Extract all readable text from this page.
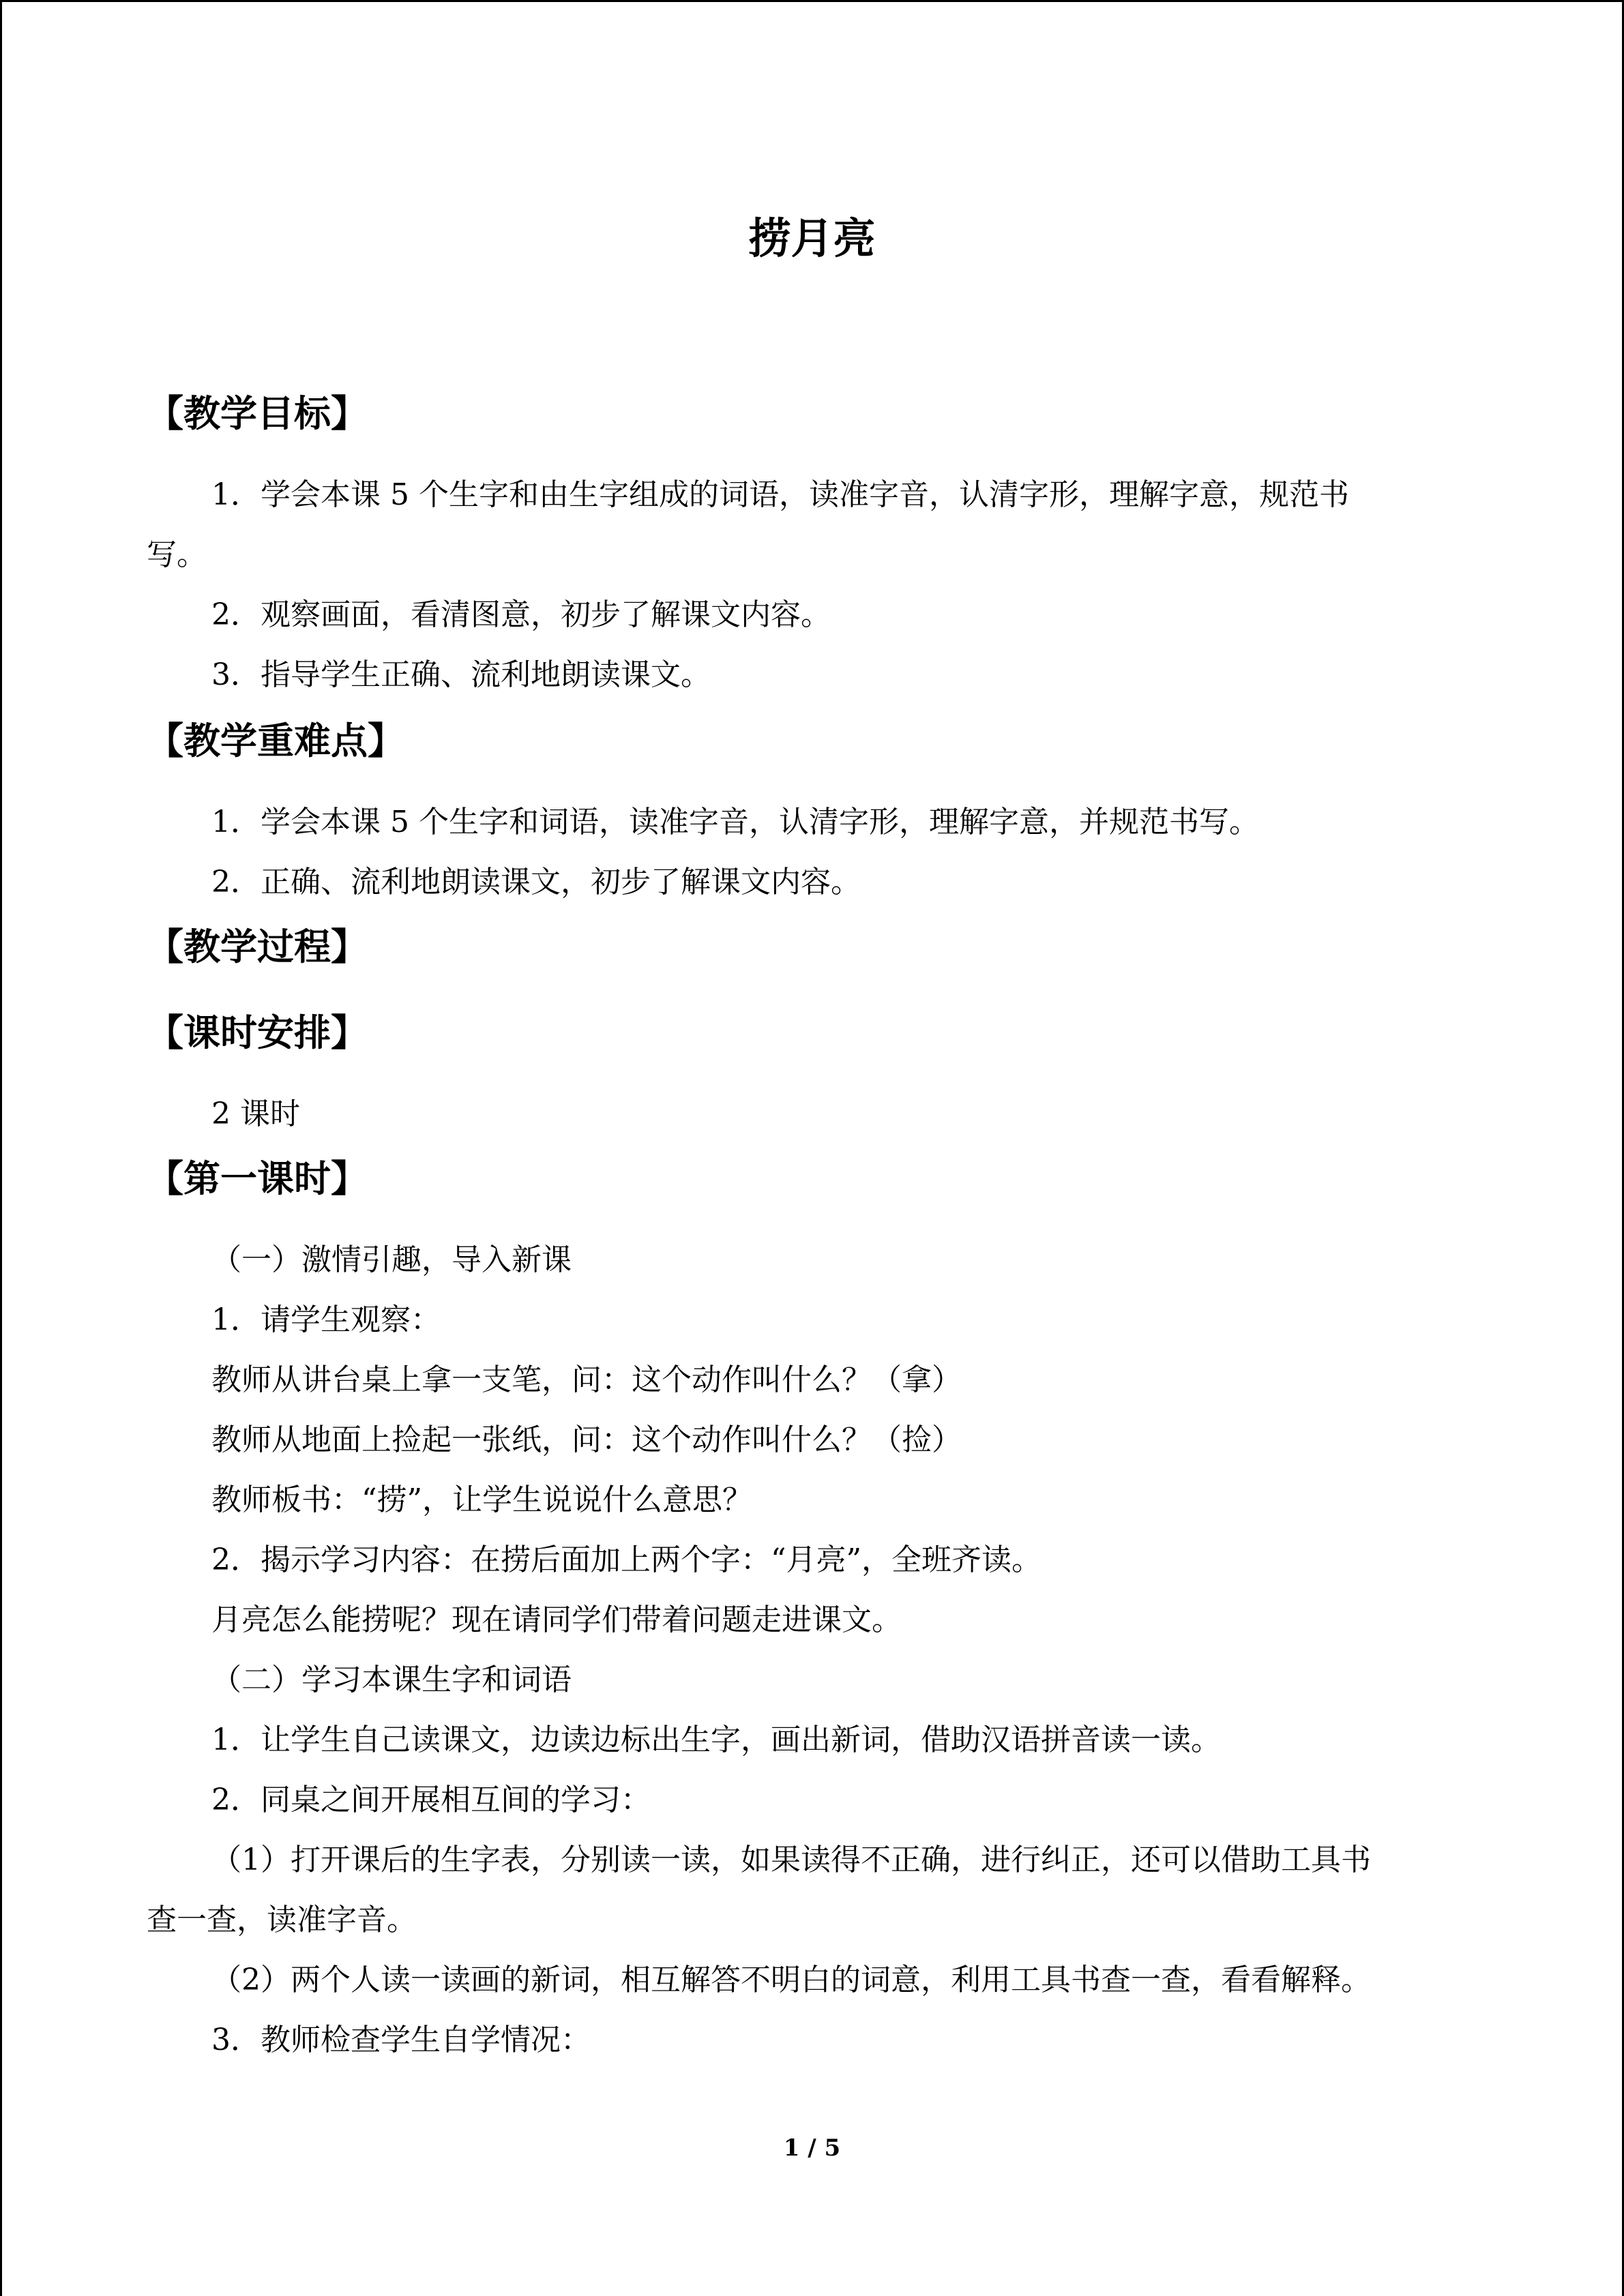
捞月亮
【教学目标】
1．学会本课 5 个生字和由生字组成的词语，读准字音，认清字形，理解字意，规范书
写。
2．观察画面，看清图意，初步了解课文内容。
3．指导学生正确、流利地朗读课文。
【教学重难点】
1．学会本课 5 个生字和词语，读准字音，认清字形，理解字意，并规范书写。
2．正确、流利地朗读课文，初步了解课文内容。
【教学过程】
【课时安排】
2 课时
【第一课时】
（一）激情引趣，导入新课
1．请学生观察：
教师从讲台桌上拿一支笔，问：这个动作叫什么？（拿）
教师从地面上捡起一张纸，问：这个动作叫什么？（捡）
教师板书：“捞”，让学生说说什么意思？
2．揭示学习内容：在捞后面加上两个字：“月亮”，全班齐读。
月亮怎么能捞呢？现在请同学们带着问题走进课文。
（二）学习本课生字和词语
1．让学生自己读课文，边读边标出生字，画出新词，借助汉语拼音读一读。
2．同桌之间开展相互间的学习：
（1）打开课后的生字表，分别读一读，如果读得不正确，进行纠正，还可以借助工具书
查一查，读准字音。
（2）两个人读一读画的新词，相互解答不明白的词意，利用工具书查一查，看看解释。
3．教师检查学生自学情况：
1 / 5
